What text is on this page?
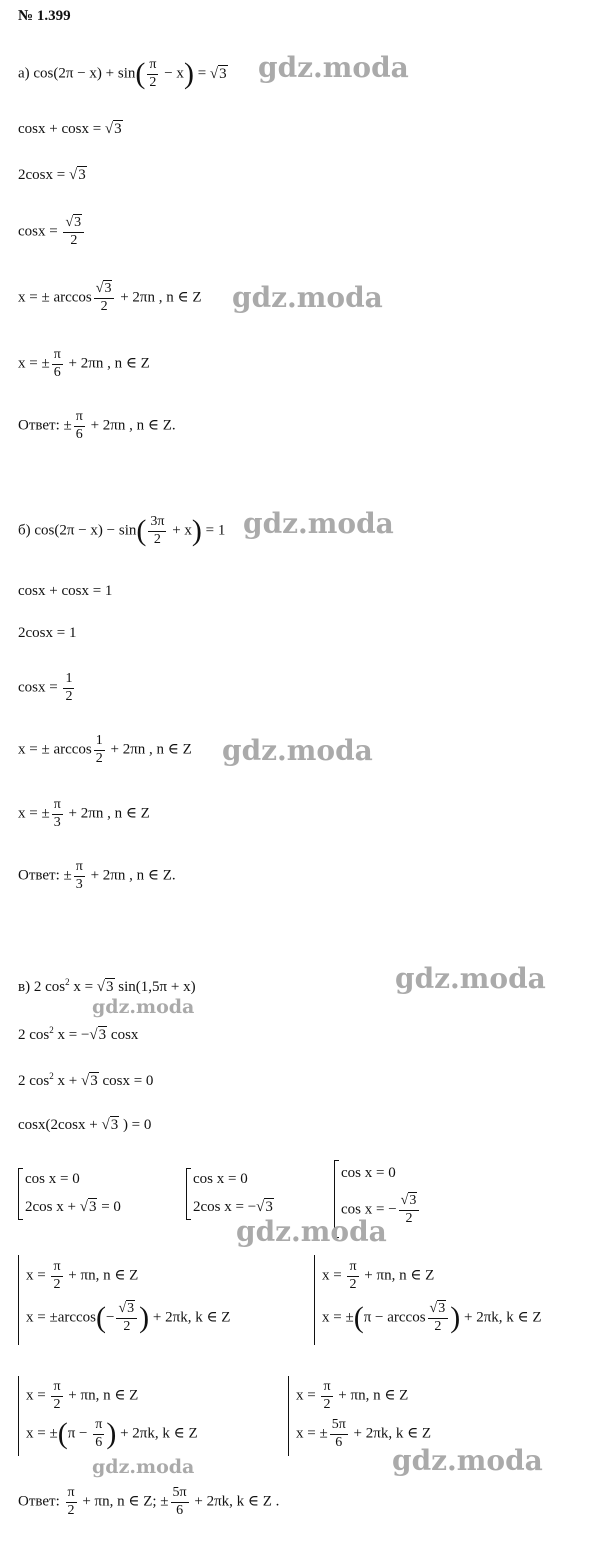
№ 1.399
а) $\cos(2\pi - x) + \sin( \frac{\pi}{2} - x)$ = √ 3
cosx + cosx = √ 3
2cosx = √ 3
cosx = √ $\frac{3}{2}$
x = ± arccos √ $\frac{3}{2} + 2\pi n$ , n ∈ Z
x = ± $\frac{\pi}{6} + 2\pi n$ , n ∈ Z
Ответ: ± $\frac{\pi}{6} + 2\pi n$ , n ∈ Z.
б) $\cos(2\pi - x) - \sin( \frac{3\pi}{2} + x) = 1$
cosx + cosx = 1
2cosx = 1
$\cos x = \frac{1}{2}$
x = ± $\arccos \frac{1}{2} + 2\pi n$ , n ∈ Z
x = ± $\frac{\pi}{3} + 2\pi n$ , n ∈ Z
Ответ: ± $\frac{\pi}{3} + 2\pi n$ , n ∈ Z.
в) 2 $\cos^2 x$ = √ 3 sin(1,5π + x)
2 $\cos^2 x$ = − √ 3 cosx
2 $\cos^2 x$ + √ 3 cosx = 0
cosx(2cosx + √ 3 ) = 0
cos x = 0
2cos x + √ 3 = 0
cos x = 0
2cos x = − √ 3
cos x = 0
cos x = − √ $\frac{3}{2}$
$x = \frac{\pi}{2} + \pi n$, n ∈ Z
x = ±arccos(− √ $\frac{3}{2}$ ) + 2πk, k ∈ Z
$x = \frac{\pi}{2} + \pi n$, n ∈ Z
x = ±(π − arccos √ $\frac{3}{2}$ ) + 2πk, k ∈ Z
$x = \frac{\pi}{2} + \pi n$, n ∈ Z
$x = \pm(\pi - \frac{\pi}{6}$ ) + 2πk, k ∈ Z
$x = \frac{\pi}{2} + \pi n$, n ∈ Z
x = ± $\frac{5\pi}{6} + 2\pi k$, k ∈ Z
Ответ: $\frac{\pi}{2} + \pi n$, n ∈ Z; ± $\frac{5\pi}{6} + 2\pi k$, k ∈ Z .
gdz.moda
gdz.moda
gdz.moda
gdz.moda
gdz.moda
gdz.moda
gdz.moda
gdz.moda	gdz.moda
